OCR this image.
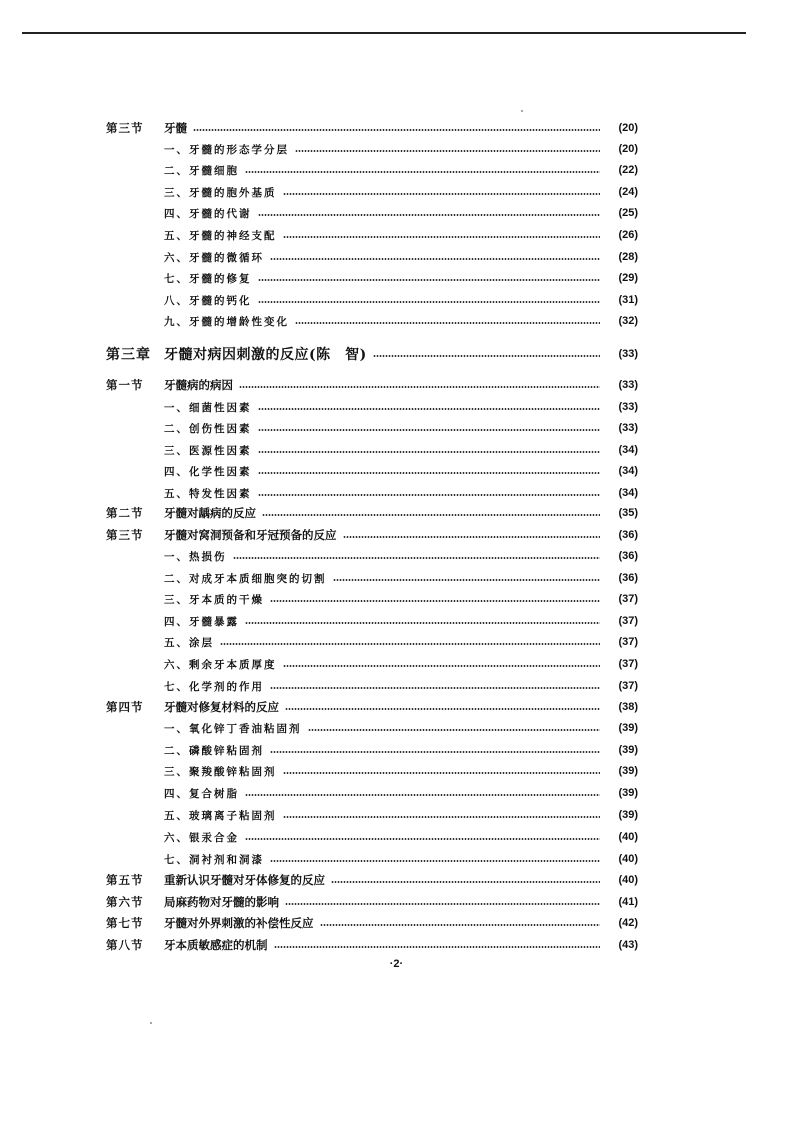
第三节	牙髓	(20)
一、牙髓的形态学分层	(20)
二、牙髓细胞	(22)
三、牙髓的胞外基质	(24)
四、牙髓的代谢	(25)
五、牙髓的神经支配	(26)
六、牙髓的微循环	(28)
七、牙髓的修复	(29)
八、牙髓的钙化	(31)
九、牙髓的增龄性变化	(32)
第三章 牙髓对病因刺激的反应(陈　智)	(33)
第一节	牙髓病的病因	(33)
一、细菌性因素	(33)
二、创伤性因素	(33)
三、医源性因素	(34)
四、化学性因素	(34)
五、特发性因素	(34)
第二节	牙髓对龋病的反应	(35)
第三节	牙髓对窝洞预备和牙冠预备的反应	(36)
一、热损伤	(36)
二、对成牙本质细胞突的切割	(36)
三、牙本质的干燥	(37)
四、牙髓暴露	(37)
五、涂层	(37)
六、剩余牙本质厚度	(37)
七、化学剂的作用	(37)
第四节	牙髓对修复材料的反应	(38)
一、氧化锌丁香油粘固剂	(39)
二、磷酸锌粘固剂	(39)
三、聚羧酸锌粘固剂	(39)
四、复合树脂	(39)
五、玻璃离子粘固剂	(39)
六、银汞合金	(40)
七、洞衬剂和洞漆	(40)
第五节	重新认识牙髓对牙体修复的反应	(40)
第六节	局麻药物对牙髓的影响	(41)
第七节	牙髓对外界刺激的补偿性反应	(42)
第八节	牙本质敏感症的机制	(43)
·2·
